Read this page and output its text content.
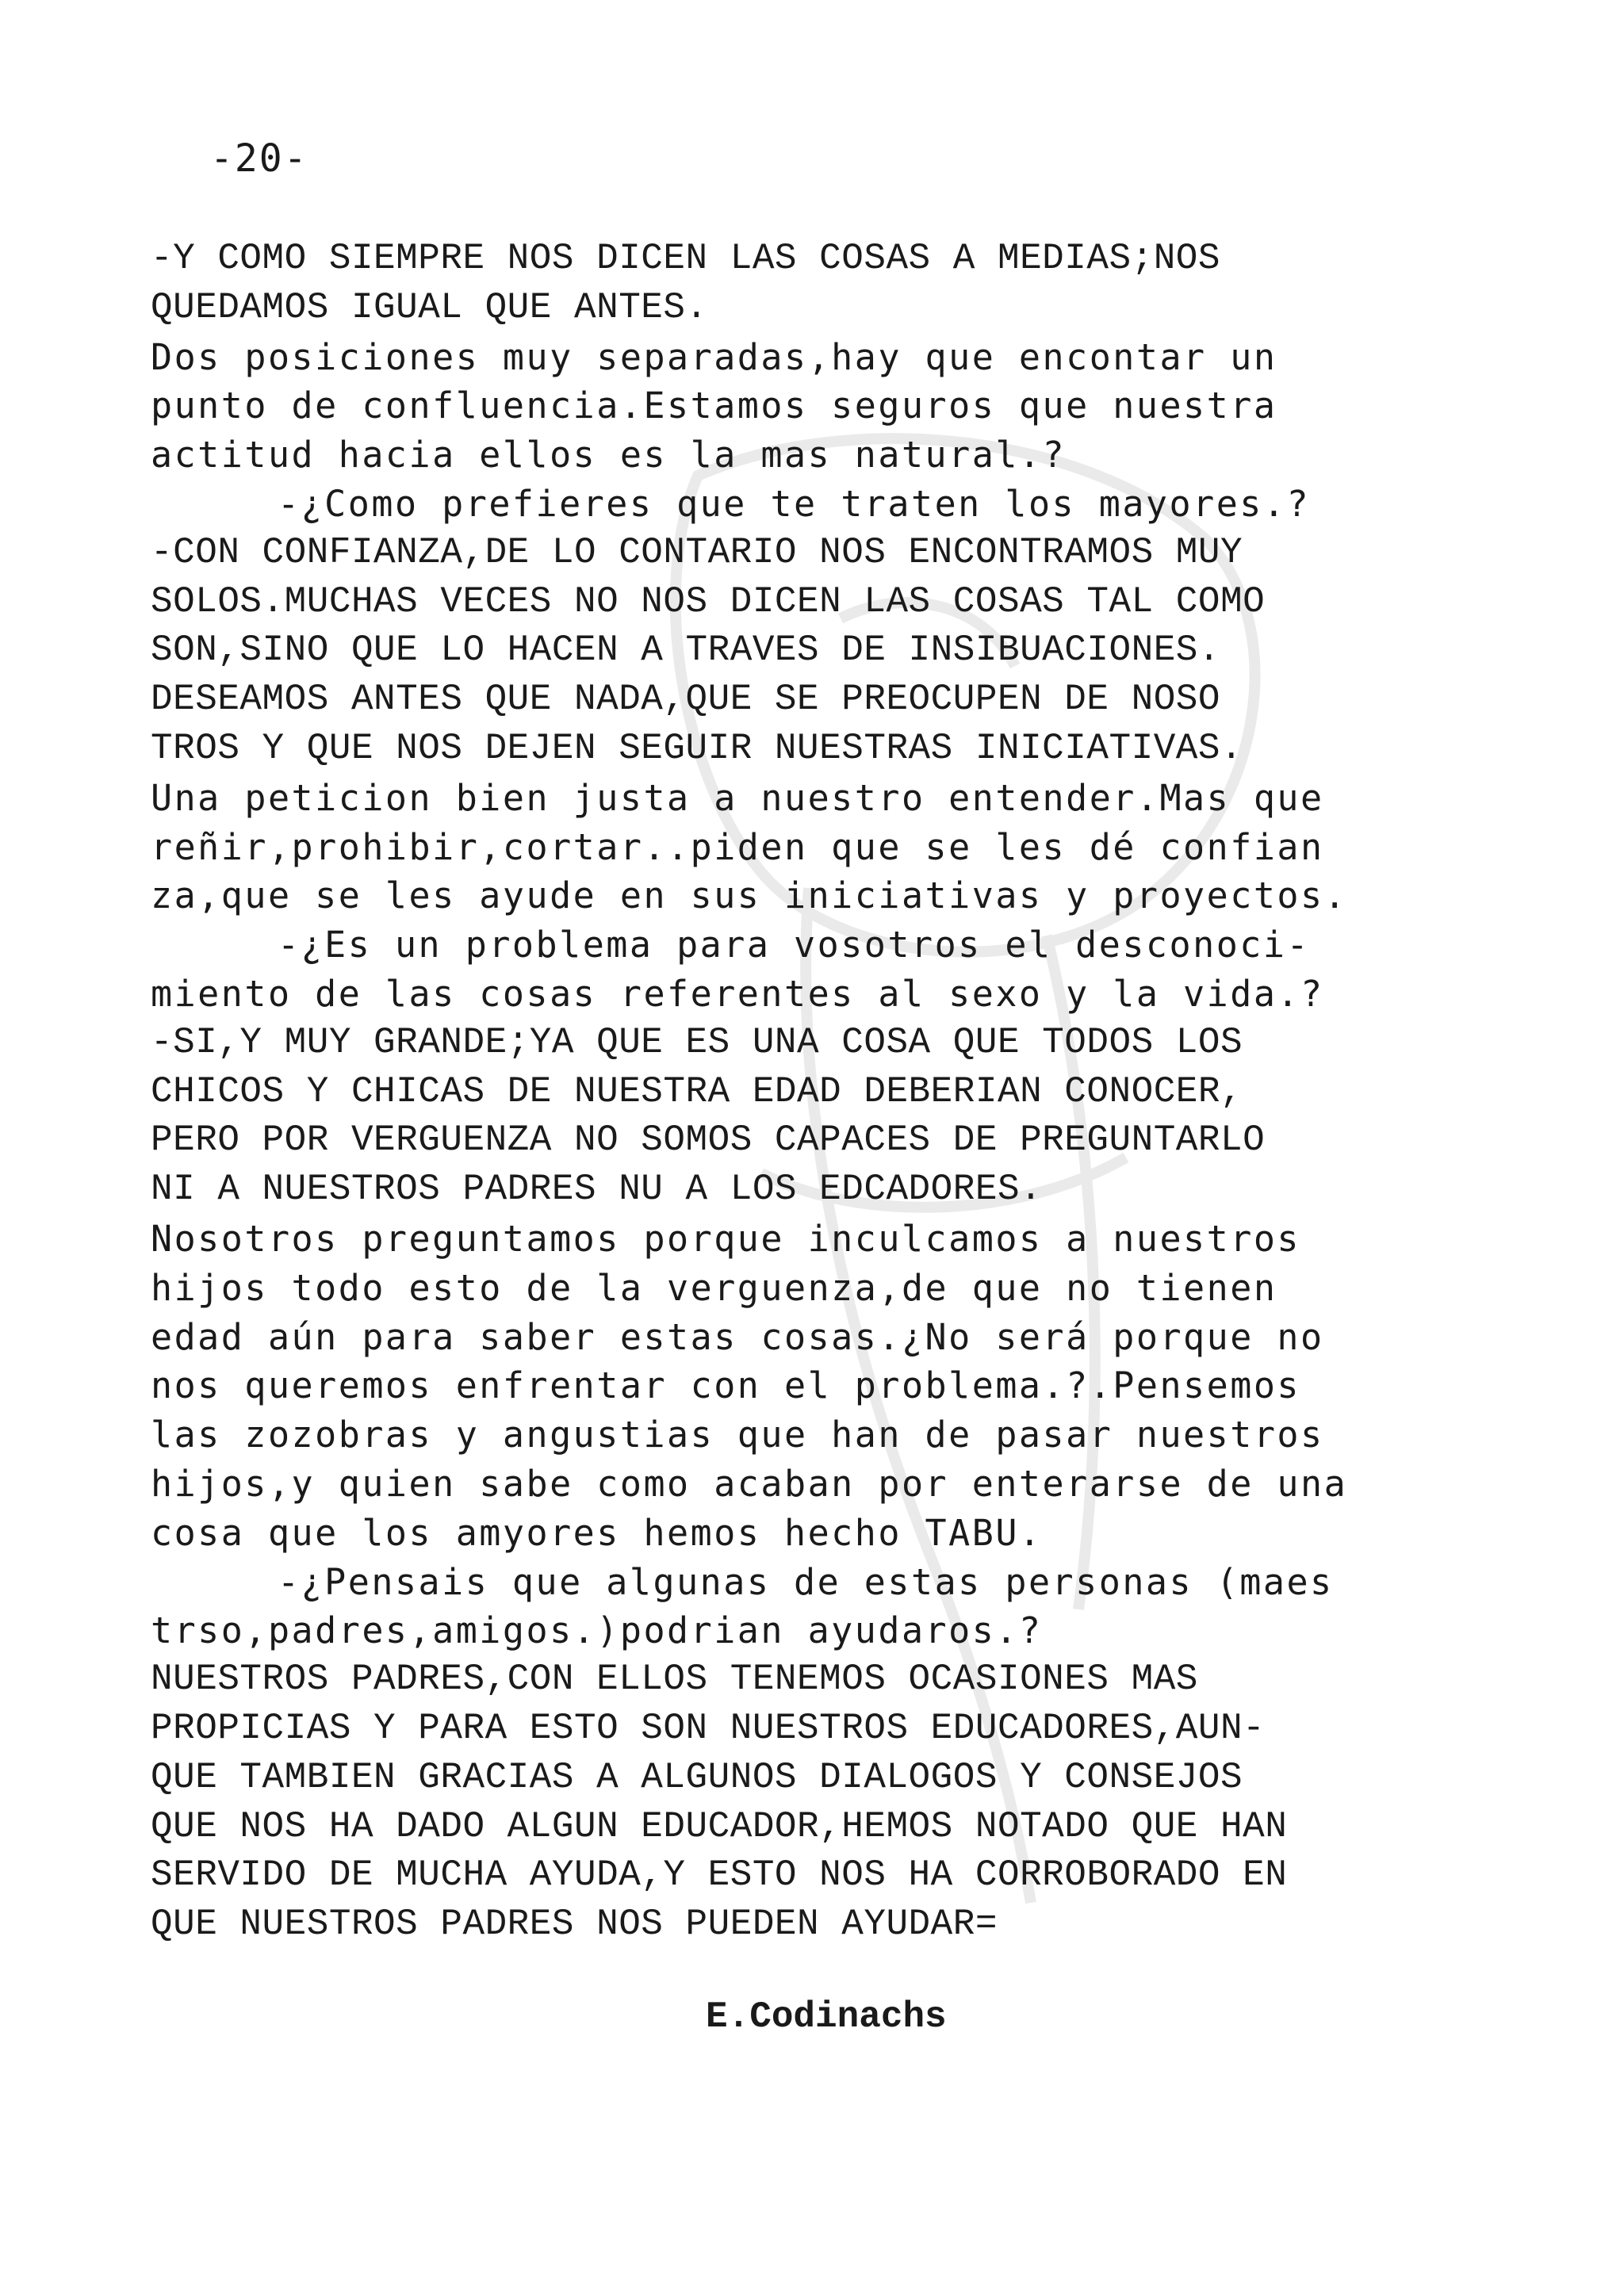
-20-
-Y COMO SIEMPRE NOS DICEN LAS COSAS A MEDIAS;NOS
QUEDAMOS IGUAL QUE ANTES.
Dos posiciones muy separadas,hay que encontar un
punto de confluencia.Estamos seguros que nuestra
actitud hacia ellos es la mas natural.?
-¿Como prefieres que te traten los mayores.?
-CON CONFIANZA,DE LO CONTARIO NOS ENCONTRAMOS MUY
SOLOS.MUCHAS VECES NO NOS DICEN LAS COSAS TAL COMO
SON,SINO QUE LO HACEN A TRAVES DE INSIBUACIONES.
DESEAMOS ANTES QUE NADA,QUE SE PREOCUPEN DE NOSO
TROS Y QUE NOS DEJEN SEGUIR NUESTRAS INICIATIVAS.
Una peticion bien justa a nuestro entender.Mas que
reñir,prohibir,cortar..piden que se les dé confian
za,que se les ayude en sus iniciativas y proyectos.
-¿Es un problema para vosotros el desconoci-
miento de las cosas referentes al sexo y la vida.?
-SI,Y MUY GRANDE;YA QUE ES UNA COSA QUE TODOS LOS
CHICOS Y CHICAS DE NUESTRA EDAD DEBERIAN CONOCER,
PERO POR VERGUENZA NO SOMOS CAPACES DE PREGUNTARLO
NI A NUESTROS PADRES NU A LOS EDCADORES.
Nosotros preguntamos porque inculcamos a nuestros
hijos todo esto de la verguenza,de que no tienen
edad aún para saber estas cosas.¿No será porque no
nos queremos enfrentar con el problema.?.Pensemos
las zozobras y angustias que han de pasar nuestros
hijos,y quien sabe como acaban por enterarse de una
cosa que los amyores hemos hecho TABU.
-¿Pensais que algunas de estas personas (maes
trso,padres,amigos.)podrian ayudaros.?
NUESTROS PADRES,CON ELLOS TENEMOS OCASIONES MAS
PROPICIAS Y PARA ESTO SON NUESTROS EDUCADORES,AUN-
QUE TAMBIEN GRACIAS A ALGUNOS DIALOGOS Y CONSEJOS
QUE NOS HA DADO ALGUN EDUCADOR,HEMOS NOTADO QUE HAN
SERVIDO DE MUCHA AYUDA,Y ESTO NOS HA CORROBORADO EN
QUE NUESTROS PADRES NOS PUEDEN AYUDAR=
E.Codinachs
